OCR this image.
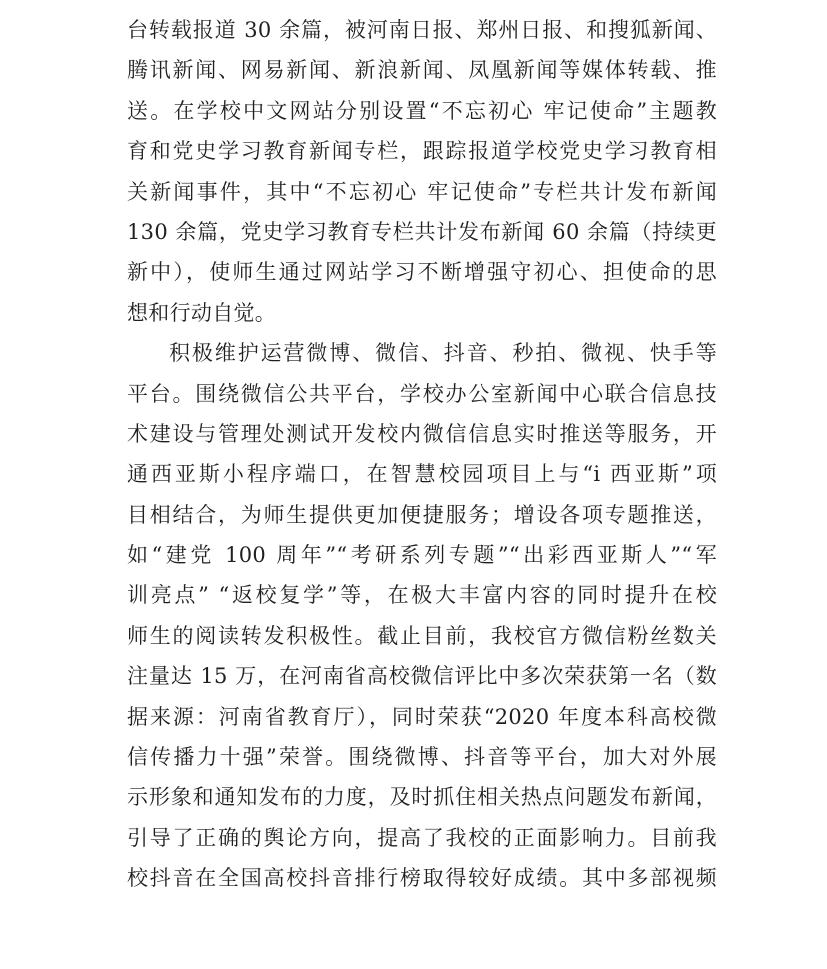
台转载报道 30 余篇，被河南日报、郑州日报、和搜狐新闻、
腾讯新闻、网易新闻、新浪新闻、凤凰新闻等媒体转载、推
送。在学校中文网站分别设置“不忘初心 牢记使命”主题教
育和党史学习教育新闻专栏，跟踪报道学校党史学习教育相
关新闻事件，其中“不忘初心 牢记使命”专栏共计发布新闻
130 余篇，党史学习教育专栏共计发布新闻 60 余篇（持续更
新中），使师生通过网站学习不断增强守初心、担使命的思
想和行动自觉。
积极维护运营微博、微信、抖音、秒拍、微视、快手等
平台。围绕微信公共平台，学校办公室新闻中心联合信息技
术建设与管理处测试开发校内微信信息实时推送等服务，开
通西亚斯小程序端口，在智慧校园项目上与“i 西亚斯”项
目相结合，为师生提供更加便捷服务；增设各项专题推送，
如“建党 100 周年”“考研系列专题”“出彩西亚斯人”“军
训亮点” “返校复学”等，在极大丰富内容的同时提升在校
师生的阅读转发积极性。截止目前，我校官方微信粉丝数关
注量达 15 万，在河南省高校微信评比中多次荣获第一名（数
据来源：河南省教育厅），同时荣获“2020 年度本科高校微
信传播力十强”荣誉。围绕微博、抖音等平台，加大对外展
示形象和通知发布的力度，及时抓住相关热点问题发布新闻，
引导了正确的舆论方向，提高了我校的正面影响力。目前我
校抖音在全国高校抖音排行榜取得较好成绩。其中多部视频
